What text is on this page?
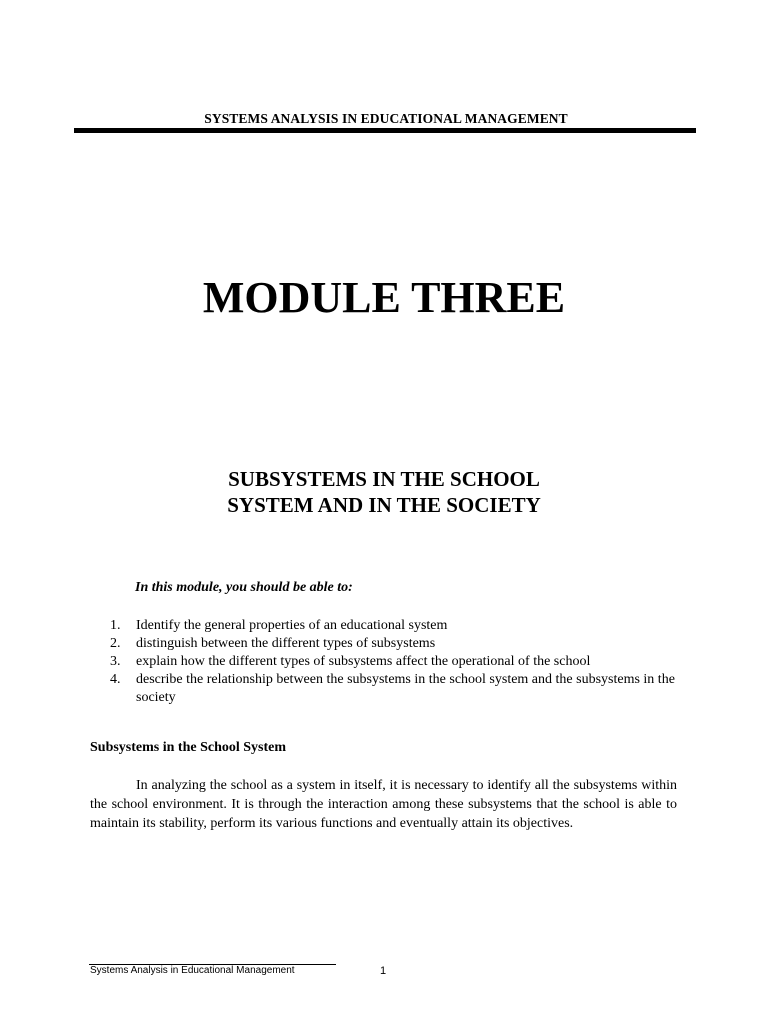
SYSTEMS ANALYSIS IN EDUCATIONAL MANAGEMENT
MODULE THREE
SUBSYSTEMS IN THE SCHOOL
SYSTEM AND IN THE SOCIETY
In this module, you should be able to:
1. Identify the general properties of an educational system
2. distinguish between the different types of subsystems
3. explain how the different types of subsystems affect the operational of the school
4. describe the relationship between the subsystems in the school system and the subsystems in the society
Subsystems in the School System

In analyzing the school as a system in itself, it is necessary to identify all the subsystems within the school environment. It is through the interaction among these subsystems that the school is able to maintain its stability, perform its various functions and eventually attain its objectives.

Systems Analysis in Educational Management	1
